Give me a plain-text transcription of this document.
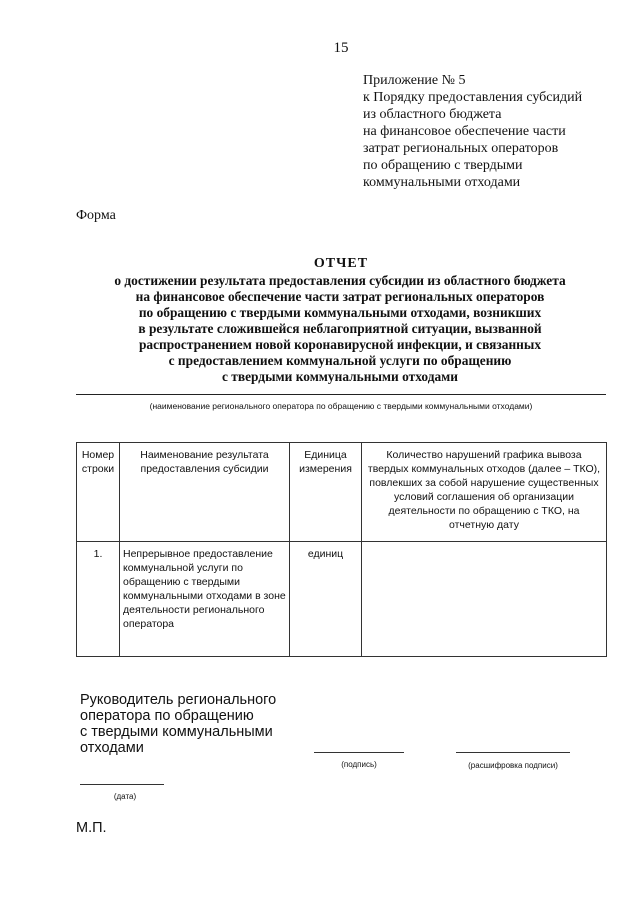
15
Приложение № 5
к Порядку предоставления субсидий
из областного бюджета
на финансовое обеспечение части
затрат региональных операторов
по обращению с твердыми
коммунальными отходами
Форма
ОТЧЕТ
о достижении результата предоставления субсидии из областного бюджета
на финансовое обеспечение части затрат региональных операторов
по обращению с твердыми коммунальными отходами, возникших
в результате сложившейся неблагоприятной ситуации, вызванной
распространением новой коронавирусной инфекции, и связанных
с предоставлением коммунальной услуги по обращению
с твердыми коммунальными отходами
(наименование регионального оператора по обращению с твердыми коммунальными отходами)
Номер строки	Наименование результата предоставления субсидии	Единица измерения	Количество нарушений графика вывоза твердых коммунальных отходов (далее – ТКО), повлекших за собой нарушение существенных условий соглашения об организации деятельности по обращению с ТКО, на отчетную дату
1.	Непрерывное предоставление коммунальной услуги по обращению с твердыми коммунальными отходами в зоне деятельности регионального оператора	единиц	
Руководитель регионального
оператора по обращению
с твердыми коммунальными
отходами
(подпись)	(расшифровка подписи)
(дата)
М.П.
